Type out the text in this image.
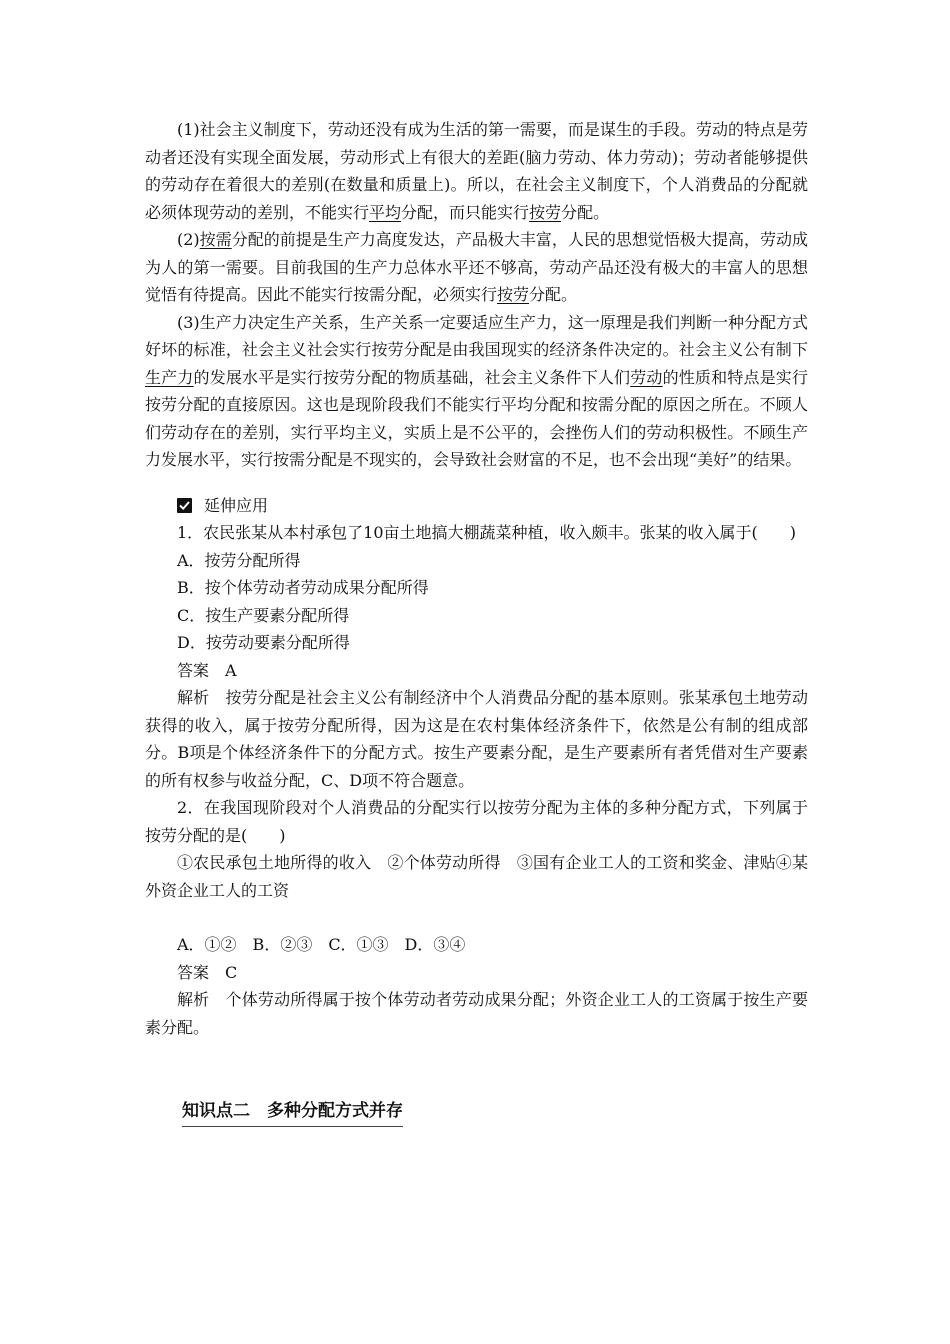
(1)社会主义制度下，劳动还没有成为生活的第一需要，而是谋生的手段。劳动的特点是劳动者还没有实现全面发展，劳动形式上有很大的差距(脑力劳动、体力劳动)；劳动者能够提供的劳动存在着很大的差别(在数量和质量上)。所以，在社会主义制度下，个人消费品的分配就必须体现劳动的差别，不能实行平均分配，而只能实行按劳分配。

(2)按需分配的前提是生产力高度发达，产品极大丰富，人民的思想觉悟极大提高，劳动成为人的第一需要。目前我国的生产力总体水平还不够高，劳动产品还没有极大的丰富人的思想觉悟有待提高。因此不能实行按需分配，必须实行按劳分配。

(3)生产力决定生产关系，生产关系一定要适应生产力，这一原理是我们判断一种分配方式好坏的标准，社会主义社会实行按劳分配是由我国现实的经济条件决定的。社会主义公有制下生产力的发展水平是实行按劳分配的物质基础，社会主义条件下人们劳动的性质和特点是实行按劳分配的直接原因。这也是现阶段我们不能实行平均分配和按需分配的原因之所在。不顾人们劳动存在的差别，实行平均主义，实质上是不公平的，会挫伤人们的劳动积极性。不顾生产力发展水平，实行按需分配是不现实的，会导致社会财富的不足，也不会出现“美好”的结果。

延伸应用

1．农民张某从本村承包了10亩土地搞大棚蔬菜种植，收入颇丰。张某的收入属于(　　)

A．按劳分配所得

B．按个体劳动者劳动成果分配所得

C．按生产要素分配所得

D．按劳动要素分配所得

答案　A

解析　按劳分配是社会主义公有制经济中个人消费品分配的基本原则。张某承包土地劳动获得的收入，属于按劳分配所得，因为这是在农村集体经济条件下，依然是公有制的组成部分。B项是个体经济条件下的分配方式。按生产要素分配，是生产要素所有者凭借对生产要素的所有权参与收益分配，C、D项不符合题意。

2．在我国现阶段对个人消费品的分配实行以按劳分配为主体的多种分配方式，下列属于按劳分配的是(　　)

①农民承包土地所得的收入　②个体劳动所得　③国有企业工人的工资和奖金、津贴④某外资企业工人的工资

A．①②　B．②③　C．①③　D．③④

答案　C

解析　个体劳动所得属于按个体劳动者劳动成果分配；外资企业工人的工资属于按生产要素分配。

知识点二　多种分配方式并存
